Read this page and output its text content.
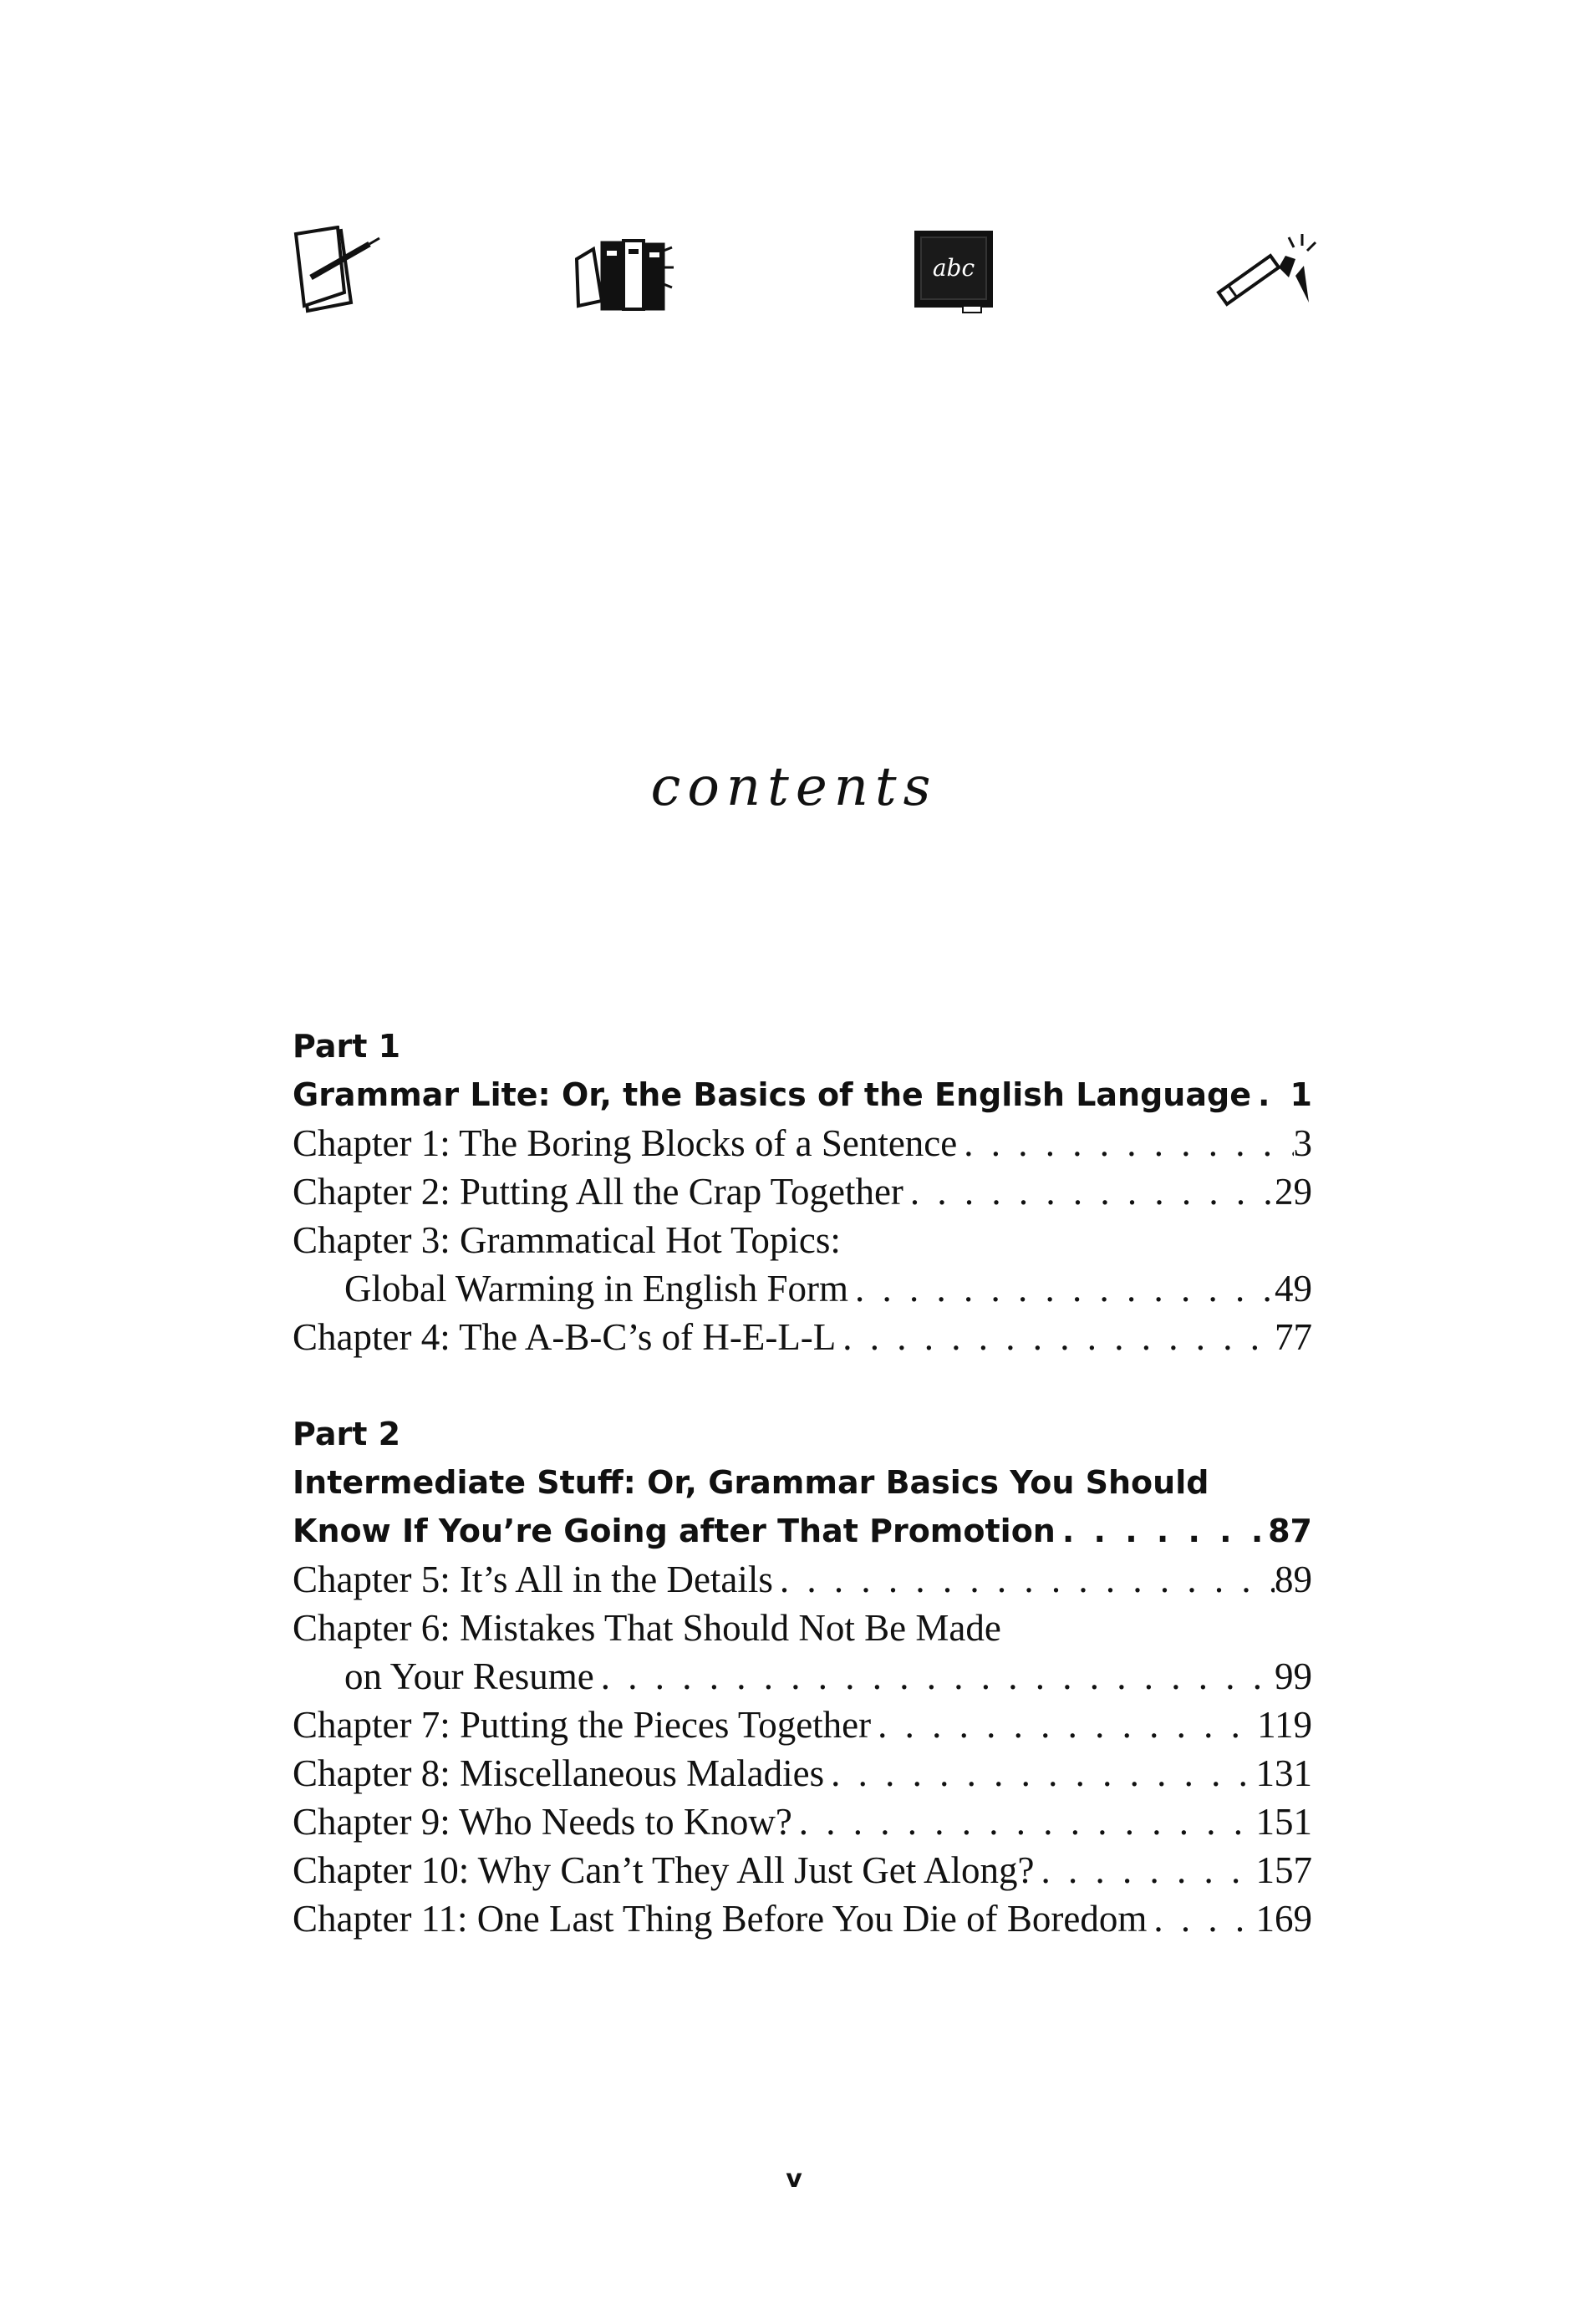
abc
contents
Part 1
Grammar Lite: Or, the Basics of the English Language . . . 1
Chapter 1: The Boring Blocks of a Sentence . . .	3
Chapter 2: Putting All the Crap Together . . .	29
Chapter 3: Grammatical Hot Topics:
Global Warming in English Form . . .	49
Chapter 4: The A-B-C’s of H-E-L-L . . .	77
Part 2
Intermediate Stuff: Or, Grammar Basics You Should
Know If You’re Going after That Promotion . . .	87
Chapter 5: It’s All in the Details . . .	89
Chapter 6: Mistakes That Should Not Be Made
on Your Resume . . .	99
Chapter 7: Putting the Pieces Together . . .	119
Chapter 8: Miscellaneous Maladies . . .	131
Chapter 9: Who Needs to Know? . . .	151
Chapter 10: Why Can’t They All Just Get Along? . . .	157
Chapter 11: One Last Thing Before You Die of Boredom . . .	169
v
